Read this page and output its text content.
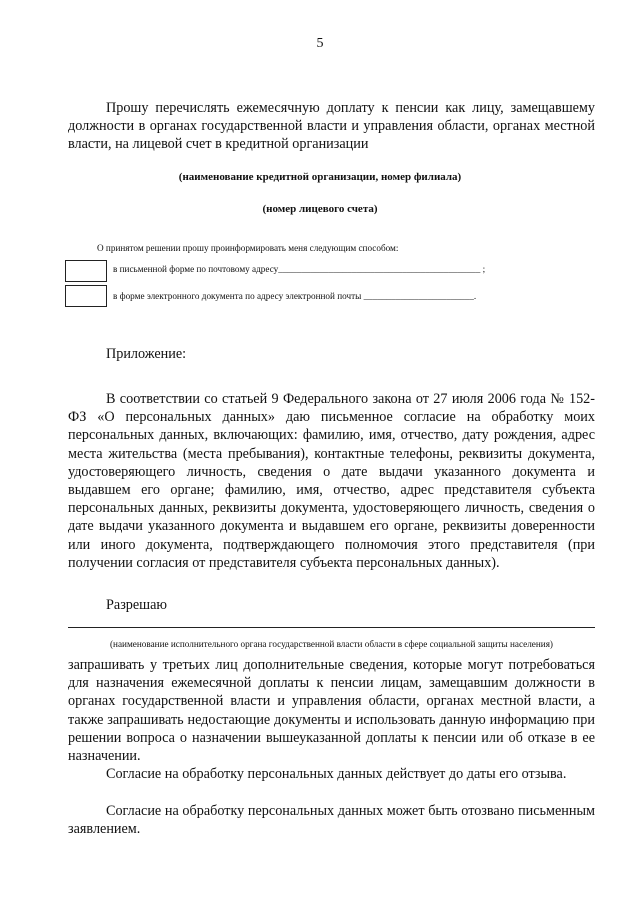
5

Прошу перечислять ежемесячную доплату к пенсии как лицу, замещавшему должности в органах государственной власти и управления области, органах местной власти, на лицевой счет в кредитной организации

(наименование кредитной организации, номер филиала)
(номер лицевого счета)
О принятом решении прошу проинформировать меня следующим способом:
в письменной форме по почтовому адресу____________________________________________ ;
в форме электронного документа по адресу электронной почты ________________________.
Приложение:

В соответствии со статьей 9 Федерального закона от 27 июля 2006 года № 152-ФЗ «О персональных данных» даю письменное согласие на обработку моих персональных данных, включающих: фамилию, имя, отчество, дату рождения, адрес места жительства (места пребывания), контактные телефоны, реквизиты документа, удостоверяющего личность, сведения о дате выдачи указанного документа и выдавшем его органе; фамилию, имя, отчество, адрес представителя субъекта персональных данных, реквизиты документа, удостоверяющего личность, сведения о дате выдачи указанного документа и выдавшем его органе, реквизиты доверенности или иного документа, подтверждающего полномочия этого представителя (при получении согласия от представителя субъекта персональных данных).

Разрешаю
(наименование исполнительного органа государственной власти области в сфере социальной защиты населения)

запрашивать у третьих лиц дополнительные сведения, которые могут потребоваться для назначения ежемесячной доплаты к пенсии лицам, замещавшим должности в органах государственной власти и управления области, органах местной власти, а также запрашивать недостающие документы и использовать данную информацию при решении вопроса о назначении вышеуказанной доплаты к пенсии или об отказе в ее назначении.

Согласие на обработку персональных данных действует до даты его отзыва.

Согласие на обработку персональных данных может быть отозвано письменным заявлением.
